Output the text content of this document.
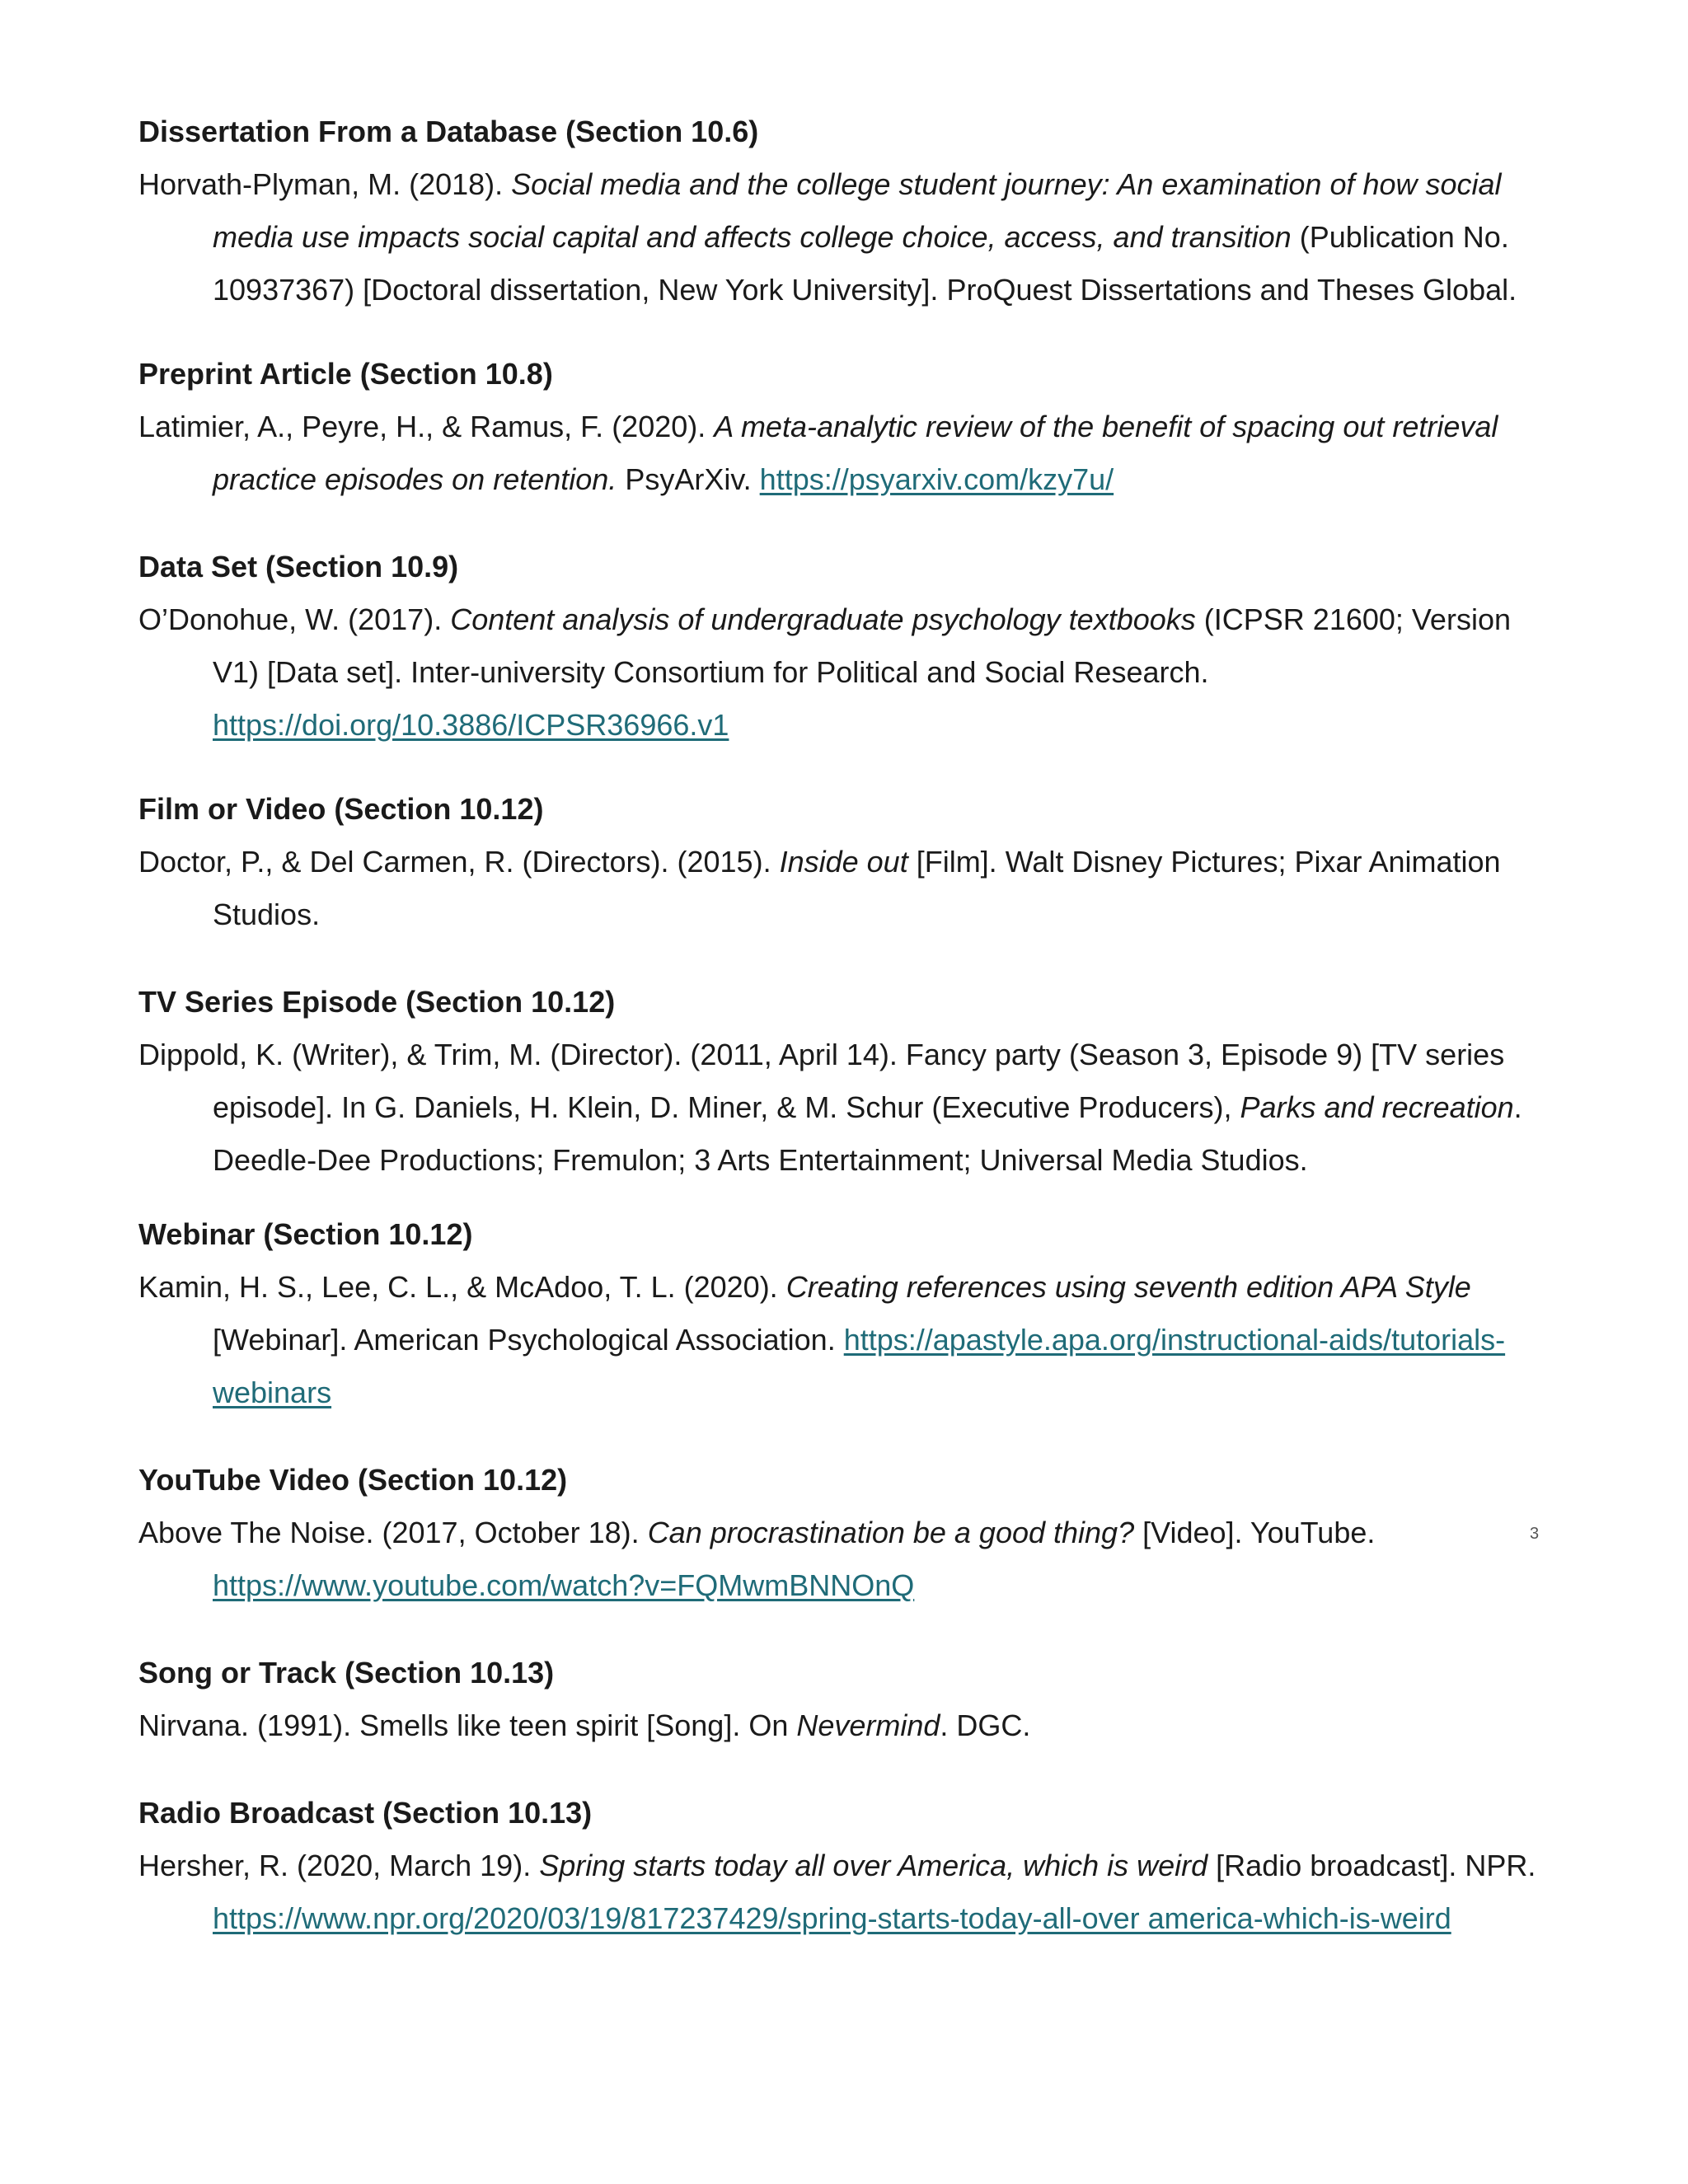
Dissertation From a Database (Section 10.6)
Horvath-Plyman, M. (2018). Social media and the college student journey: An examination of how social media use impacts social capital and affects college choice, access, and transition (Publication No. 10937367) [Doctoral dissertation, New York University]. ProQuest Dissertations and Theses Global.
Preprint Article (Section 10.8)
Latimier, A., Peyre, H., & Ramus, F. (2020). A meta-analytic review of the benefit of spacing out retrieval practice episodes on retention. PsyArXiv. https://psyarxiv.com/kzy7u/
Data Set (Section 10.9)
O’Donohue, W. (2017). Content analysis of undergraduate psychology textbooks (ICPSR 21600; Version V1) [Data set]. Inter-university Consortium for Political and Social Research. https://doi.org/10.3886/ICPSR36966.v1
Film or Video (Section 10.12)
Doctor, P., & Del Carmen, R. (Directors). (2015). Inside out [Film]. Walt Disney Pictures; Pixar Animation Studios.
TV Series Episode (Section 10.12)
Dippold, K. (Writer), & Trim, M. (Director). (2011, April 14). Fancy party (Season 3, Episode 9) [TV series episode]. In G. Daniels, H. Klein, D. Miner, & M. Schur (Executive Producers), Parks and recreation. Deedle-Dee Productions; Fremulon; 3 Arts Entertainment; Universal Media Studios.
Webinar (Section 10.12)
Kamin, H. S., Lee, C. L., & McAdoo, T. L. (2020). Creating references using seventh edition APA Style [Webinar]. American Psychological Association. https://apastyle.apa.org/instructional-aids/tutorials-webinars
YouTube Video (Section 10.12)
Above The Noise. (2017, October 18). Can procrastination be a good thing? [Video]. YouTube. https://www.youtube.com/watch?v=FQMwmBNNOnQ
Song or Track (Section 10.13)
Nirvana. (1991). Smells like teen spirit [Song]. On Nevermind. DGC.
Radio Broadcast (Section 10.13)
Hersher, R. (2020, March 19). Spring starts today all over America, which is weird [Radio broadcast]. NPR. https://www.npr.org/2020/03/19/817237429/spring-starts-today-all-over america-which-is-weird
3
